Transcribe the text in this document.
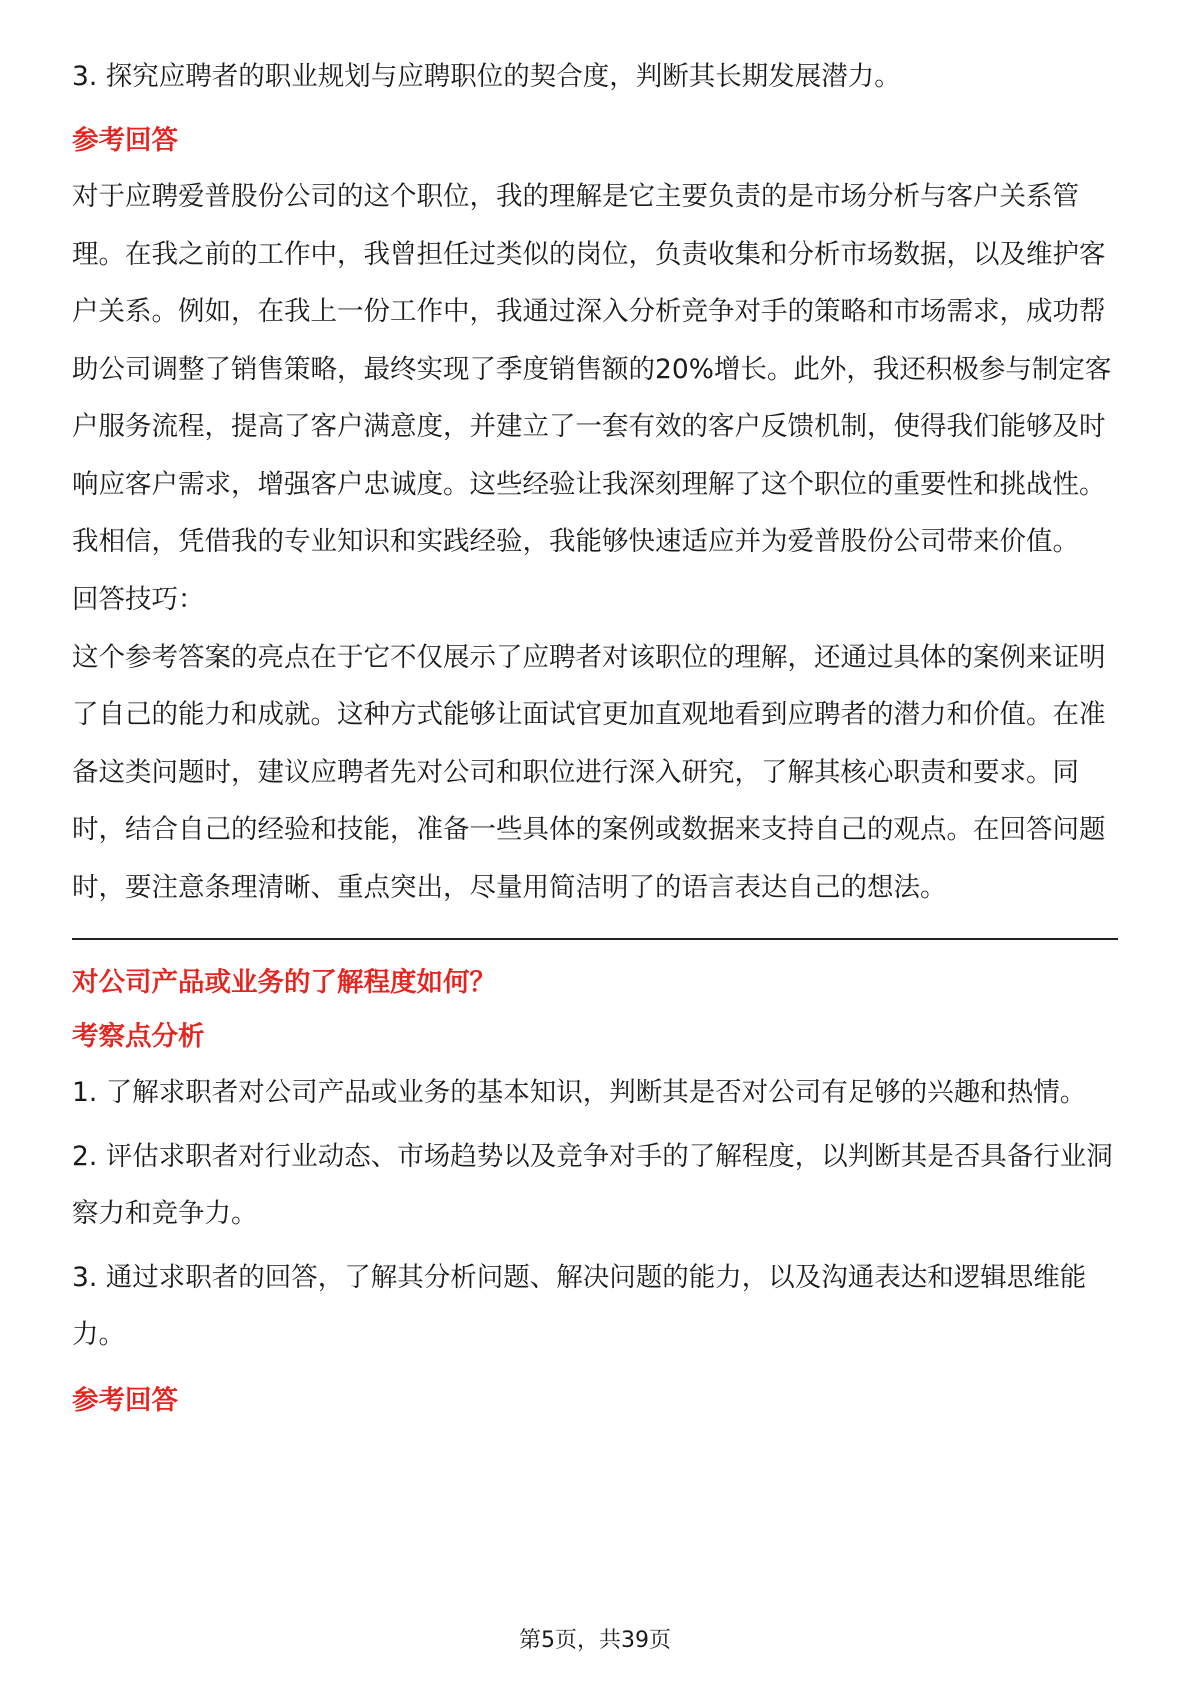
3. 探究应聘者的职业规划与应聘职位的契合度，判断其长期发展潜力。

参考回答

对于应聘爱普股份公司的这个职位，我的理解是它主要负责的是市场分析与客户关系管理。在我之前的工作中，我曾担任过类似的岗位，负责收集和分析市场数据，以及维护客户关系。例如，在我上一份工作中，我通过深入分析竞争对手的策略和市场需求，成功帮助公司调整了销售策略，最终实现了季度销售额的20%增长。此外，我还积极参与制定客户服务流程，提高了客户满意度，并建立了一套有效的客户反馈机制，使得我们能够及时响应客户需求，增强客户忠诚度。这些经验让我深刻理解了这个职位的重要性和挑战性。我相信，凭借我的专业知识和实践经验，我能够快速适应并为爱普股份公司带来价值。

回答技巧：

这个参考答案的亮点在于它不仅展示了应聘者对该职位的理解，还通过具体的案例来证明了自己的能力和成就。这种方式能够让面试官更加直观地看到应聘者的潜力和价值。在准备这类问题时，建议应聘者先对公司和职位进行深入研究，了解其核心职责和要求。同时，结合自己的经验和技能，准备一些具体的案例或数据来支持自己的观点。在回答问题时，要注意条理清晰、重点突出，尽量用简洁明了的语言表达自己的想法。

对公司产品或业务的了解程度如何？
考察点分析

1. 了解求职者对公司产品或业务的基本知识，判断其是否对公司有足够的兴趣和热情。

2. 评估求职者对行业动态、市场趋势以及竞争对手的了解程度，以判断其是否具备行业洞察力和竞争力。

3. 通过求职者的回答，了解其分析问题、解决问题的能力，以及沟通表达和逻辑思维能力。

参考回答
第5页，共39页
